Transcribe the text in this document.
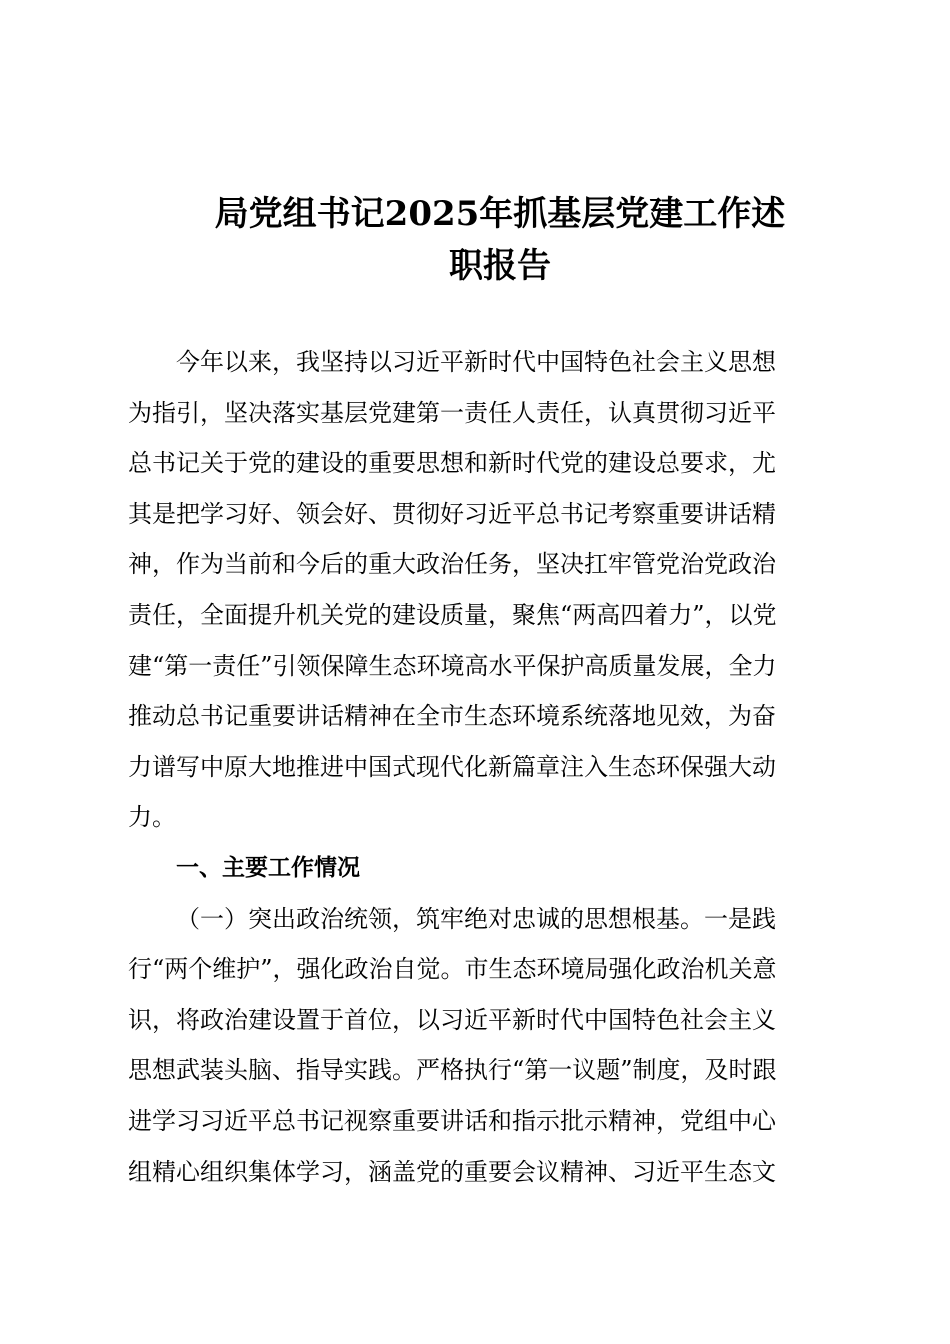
局党组书记2025年抓基层党建工作述
职报告
今年以来，我坚持以习近平新时代中国特色社会主义思想
为指引，坚决落实基层党建第一责任人责任，认真贯彻习近平
总书记关于党的建设的重要思想和新时代党的建设总要求，尤
其是把学习好、领会好、贯彻好习近平总书记考察重要讲话精
神，作为当前和今后的重大政治任务，坚决扛牢管党治党政治
责任，全面提升机关党的建设质量，聚焦“两高四着力”，以党
建“第一责任”引领保障生态环境高水平保护高质量发展，全力
推动总书记重要讲话精神在全市生态环境系统落地见效，为奋
力谱写中原大地推进中国式现代化新篇章注入生态环保强大动
力。
一、主要工作情况
（一）突出政治统领，筑牢绝对忠诚的思想根基。一是践
行“两个维护”，强化政治自觉。市生态环境局强化政治机关意
识，将政治建设置于首位，以习近平新时代中国特色社会主义
思想武装头脑、指导实践。严格执行“第一议题”制度，及时跟
进学习习近平总书记视察重要讲话和指示批示精神，党组中心
组精心组织集体学习，涵盖党的重要会议精神、习近平生态文
